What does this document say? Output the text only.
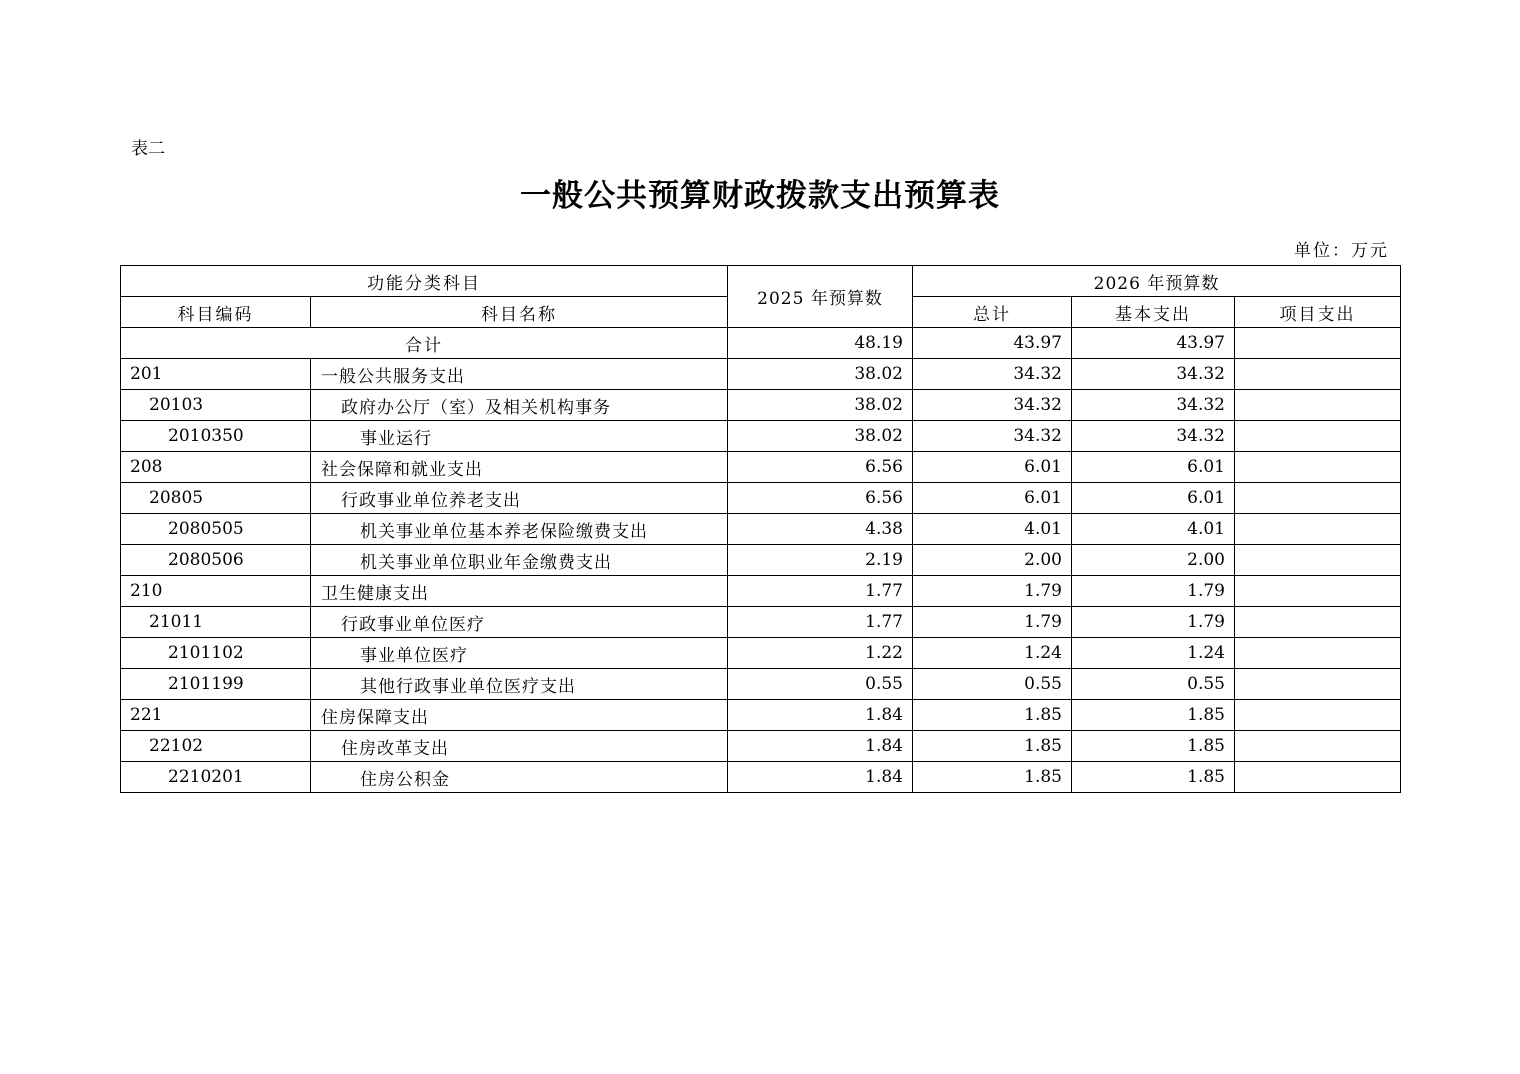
表二
一般公共预算财政拨款支出预算表
单位：万元
功能分类科目		2025 年预算数	2026 年预算数		
科目编码	科目名称		总计	基本支出	项目支出
合计		48.19	43.97	43.97	
201	一般公共服务支出	38.02	34.32	34.32	
20103	政府办公厅（室）及相关机构事务	38.02	34.32	34.32	
2010350	事业运行	38.02	34.32	34.32	
208	社会保障和就业支出	6.56	6.01	6.01	
20805	行政事业单位养老支出	6.56	6.01	6.01	
2080505	机关事业单位基本养老保险缴费支出	4.38	4.01	4.01	
2080506	机关事业单位职业年金缴费支出	2.19	2.00	2.00	
210	卫生健康支出	1.77	1.79	1.79	
21011	行政事业单位医疗	1.77	1.79	1.79	
2101102	事业单位医疗	1.22	1.24	1.24	
2101199	其他行政事业单位医疗支出	0.55	0.55	0.55	
221	住房保障支出	1.84	1.85	1.85	
22102	住房改革支出	1.84	1.85	1.85	
2210201	住房公积金	1.84	1.85	1.85	
